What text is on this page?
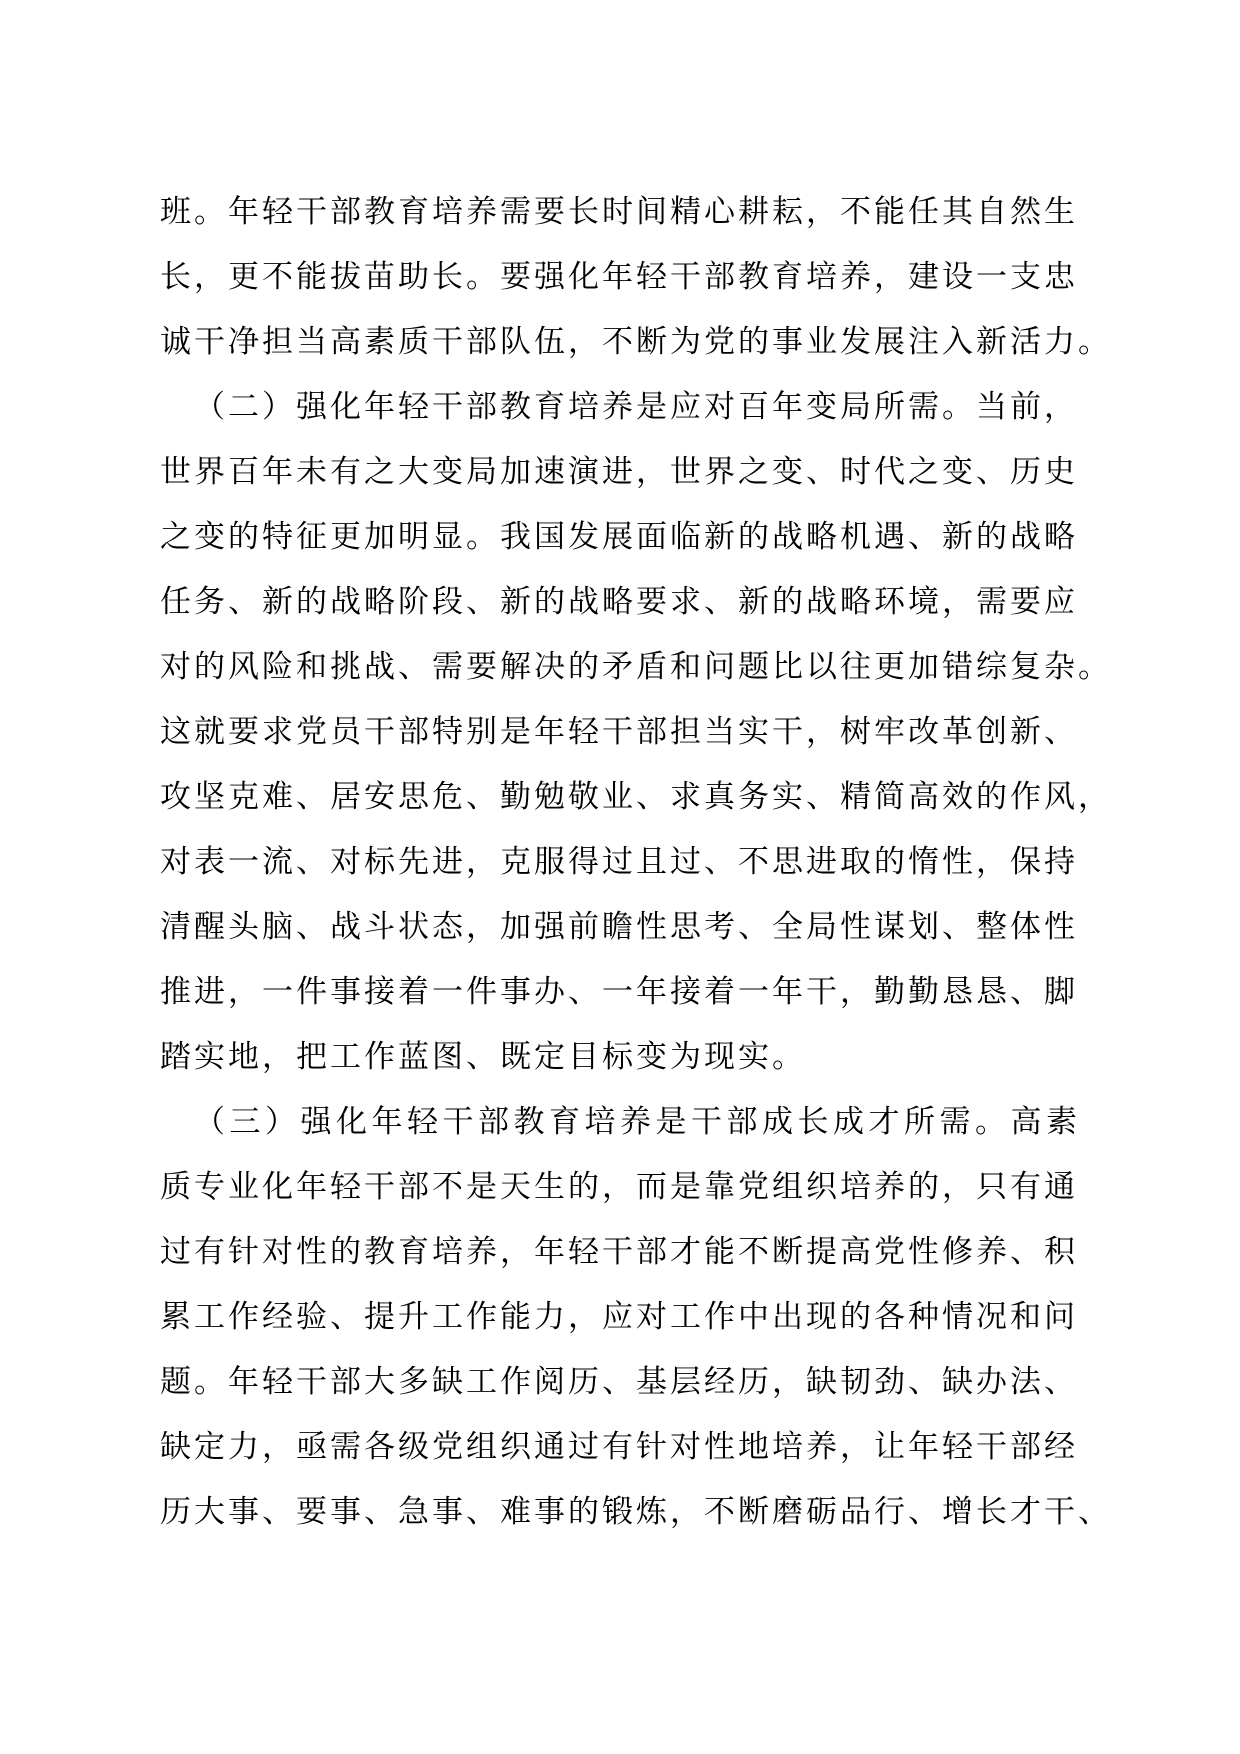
班。年轻干部教育培养需要长时间精心耕耘，不能任其自然生
长，更不能拔苗助长。要强化年轻干部教育培养，建设一支忠
诚干净担当高素质干部队伍，不断为党的事业发展注入新活力。
（二）强化年轻干部教育培养是应对百年变局所需。当前，
世界百年未有之大变局加速演进，世界之变、时代之变、历史
之变的特征更加明显。我国发展面临新的战略机遇、新的战略
任务、新的战略阶段、新的战略要求、新的战略环境，需要应
对的风险和挑战、需要解决的矛盾和问题比以往更加错综复杂。
这就要求党员干部特别是年轻干部担当实干，树牢改革创新、
攻坚克难、居安思危、勤勉敬业、求真务实、精简高效的作风，
对表一流、对标先进，克服得过且过、不思进取的惰性，保持
清醒头脑、战斗状态，加强前瞻性思考、全局性谋划、整体性
推进，一件事接着一件事办、一年接着一年干，勤勤恳恳、脚
踏实地，把工作蓝图、既定目标变为现实。
（三）强化年轻干部教育培养是干部成长成才所需。高素
质专业化年轻干部不是天生的，而是靠党组织培养的，只有通
过有针对性的教育培养，年轻干部才能不断提高党性修养、积
累工作经验、提升工作能力，应对工作中出现的各种情况和问
题。年轻干部大多缺工作阅历、基层经历，缺韧劲、缺办法、
缺定力，亟需各级党组织通过有针对性地培养，让年轻干部经
历大事、要事、急事、难事的锻炼，不断磨砺品行、增长才干、
